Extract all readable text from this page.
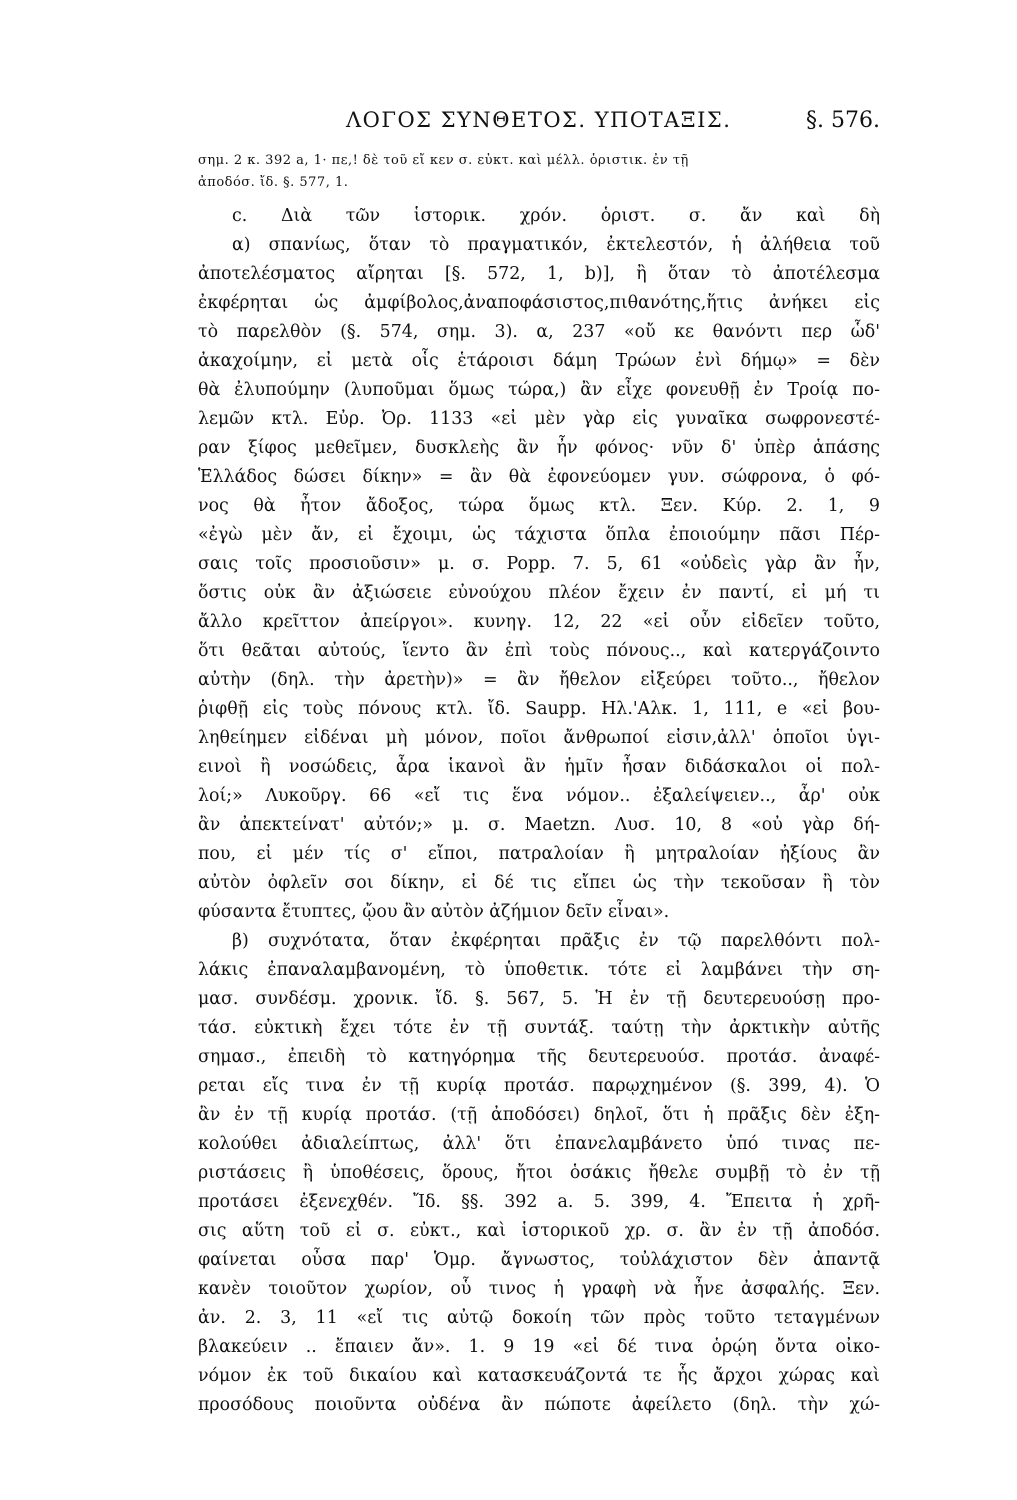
ΛΟΓΟΣ ΣΥΝΘΕΤΟΣ. ΥΠΟΤΑΞΙΣ.	§. 576.
σημ. 2 κ. 392 a, 1· πε,! δὲ τοῦ εἴ κεν σ. εὐκτ. καὶ μέλλ. ὁριστικ. ἐν τῇ
ἀποδόσ. ἴδ. §. 577, 1.
c. Διὰ τῶν ἱστορικ. χρόν. ὁριστ. σ. ἄν καὶ δὴ
α) σπανίως, ὅταν τὸ πραγματικόν, ἐκτελεστόν, ἡ ἀλήθεια τοῦ
ἀποτελέσματος αἴρηται [§. 572, 1, b)], ἢ ὅταν τὸ ἀποτέλεσμα
ἐκφέρηται ὡς ἀμφίβολος,ἀναποφάσιστος,πιθανότης,ἥτις ἀνήκει εἰς
τὸ παρελθὸν (§. 574, σημ. 3). α, 237 «οὔ κε θανόντι περ ὧδ'
ἀκαχοίμην, εἰ μετὰ οἷς ἑτάροισι δάμη Τρώων ἐνὶ δήμῳ» = δὲν
θὰ ἐλυπούμην (λυποῦμαι ὅμως τώρα,) ἂν εἶχε φονευθῇ ἐν Τροίᾳ πο-
λεμῶν κτλ. Εὐρ. Ὀρ. 1133 «εἰ μὲν γὰρ εἰς γυναῖκα σωφρονεστέ-
ραν ξίφος μεθεῖμεν, δυσκλεὴς ἂν ἦν φόνος· νῦν δ' ὑπὲρ ἁπάσης
Ἑλλάδος δώσει δίκην» = ἂν θὰ ἐφονεύομεν γυν. σώφρονα, ὁ φό-
νος θὰ ἦτον ἄδοξος, τώρα ὅμως κτλ. Ξεν. Κύρ. 2. 1, 9
«ἐγὼ μὲν ἄν, εἰ ἔχοιμι, ὡς τάχιστα ὅπλα ἐποιούμην πᾶσι Πέρ-
σαις τοῖς προσιοῦσιν» μ. σ. Popp. 7. 5, 61 «οὐδεὶς γὰρ ἂν ἦν,
ὅστις οὐκ ἂν ἀξιώσειε εὐνούχου πλέον ἔχειν ἐν παντί, εἰ μή τι
ἄλλο κρεῖττον ἀπείργοι». κυνηγ. 12, 22 «εἰ οὖν εἰδεῖεν τοῦτο,
ὅτι θεᾶται αὐτούς, ἵεντο ἂν ἐπὶ τοὺς πόνους.., καὶ κατεργάζοιντο
αὐτὴν (δηλ. τὴν ἀρετὴν)» = ἂν ἤθελον εἰξεύρει τοῦτο.., ἤθελον
ῥιφθῇ εἰς τοὺς πόνους κτλ. ἴδ. Saupp. Ηλ.'Αλκ. 1, 111, e «εἰ βου-
ληθείημεν εἰδέναι μὴ μόνον, ποῖοι ἄνθρωποί εἰσιν,ἀλλ' ὁποῖοι ὑγι-
εινοὶ ἢ νοσώδεις, ἆρα ἱκανοὶ ἂν ἡμῖν ἦσαν διδάσκαλοι οἱ πολ-
λοί;» Λυκοῦργ. 66 «εἴ τις ἕνα νόμον.. ἐξαλείψειεν.., ἆρ' οὐκ
ἂν ἀπεκτείνατ' αὐτόν;» μ. σ. Maetzn. Λυσ. 10, 8 «οὐ γὰρ δή-
που, εἰ μέν τίς σ' εἴποι, πατραλοίαν ἢ μητραλοίαν ἠξίους ἂν
αὐτὸν ὀφλεῖν σοι δίκην, εἰ δέ τις εἴπει ὡς τὴν τεκοῦσαν ἢ τὸν
φύσαντα ἔτυπτες, ᾤου ἂν αὐτὸν ἀζήμιον δεῖν εἶναι».
β) συχνότατα, ὅταν ἐκφέρηται πρᾶξις ἐν τῷ παρελθόντι πολ-
λάκις ἐπαναλαμβανομένη, τὸ ὑποθετικ. τότε εἰ λαμβάνει τὴν ση-
μασ. συνδέσμ. χρονικ. ἴδ. §. 567, 5. Ἡ ἐν τῇ δευτερευούσῃ προ-
τάσ. εὐκτικὴ ἔχει τότε ἐν τῇ συντάξ. ταύτῃ τὴν ἀρκτικὴν αὐτῆς
σημασ., ἐπειδὴ τὸ κατηγόρημα τῆς δευτερευούσ. προτάσ. ἀναφέ-
ρεται εἴς τινα ἐν τῇ κυρίᾳ προτάσ. παρῳχημένον (§. 399, 4). Ὁ
ἂν ἐν τῇ κυρίᾳ προτάσ. (τῇ ἀποδόσει) δηλοῖ, ὅτι ἡ πρᾶξις δὲν ἐξη-
κολούθει ἀδιαλείπτως, ἀλλ' ὅτι ἐπανελαμβάνετο ὑπό τινας πε-
ριστάσεις ἢ ὑποθέσεις, ὅρους, ἤτοι ὁσάκις ἤθελε συμβῇ τὸ ἐν τῇ
προτάσει ἐξενεχθέν. Ἴδ. §§. 392 a. 5. 399, 4. Ἔπειτα ἡ χρῆ-
σις αὕτη τοῦ εἰ σ. εὐκτ., καὶ ἱστορικοῦ χρ. σ. ἂν ἐν τῇ ἀποδόσ.
φαίνεται οὖσα παρ' Ὁμρ. ἄγνωστος, τοὐλάχιστον δὲν ἀπαντᾷ
κανὲν τοιοῦτον χωρίον, οὗ τινος ἡ γραφὴ νὰ ἦνε ἀσφαλής. Ξεν.
ἀν. 2. 3, 11 «εἴ τις αὐτῷ δοκοίη τῶν πρὸς τοῦτο τεταγμένων
βλακεύειν .. ἔπαιεν ἄν». 1. 9 19 «εἰ δέ τινα ὁρῴη ὄντα οἰκο-
νόμον ἐκ τοῦ δικαίου καὶ κατασκευάζοντά τε ἧς ἄρχοι χώρας καὶ
προσόδους ποιοῦντα οὐδένα ἂν πώποτε ἀφείλετο (δηλ. τὴν χώ-
